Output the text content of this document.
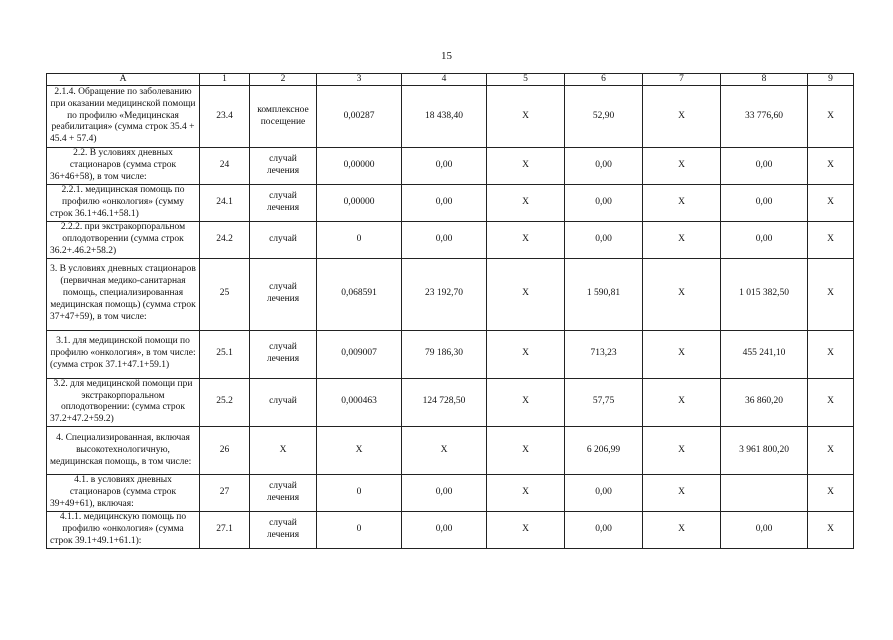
15
А	1	2	3	4	5	6	7	8	9
2.1.4. Обращение по заболеванию при оказании медицинской помощи по профилю «Медицинская реабилитация» (сумма строк 35.4 + 45.4 + 57.4)	23.4	комплексное посещение	0,00287	18 438,40	X	52,90	X	33 776,60	X
2.2. В условиях дневных стационаров (сумма строк 36+46+58), в том числе:	24	случай лечения	0,00000	0,00	X	0,00	X	0,00	X
2.2.1. медицинская помощь по профилю «онкология» (сумму строк 36.1+46.1+58.1)	24.1	случай лечения	0,00000	0,00	X	0,00	X	0,00	X
2.2.2. при экстракорпоральном оплодотворении (сумма строк 36.2+.46.2+58.2)	24.2	случай	0	0,00	X	0,00	X	0,00	X
3. В условиях дневных стационаров (первичная медико-санитарная помощь, специализированная медицинская помощь) (сумма строк 37+47+59), в том числе:	25	случай лечения	0,068591	23 192,70	X	1 590,81	X	1 015 382,50	X
3.1. для медицинской помощи по профилю «онкология», в том числе: (сумма строк 37.1+47.1+59.1)	25.1	случай лечения	0,009007	79 186,30	X	713,23	X	455 241,10	X
3.2. для медицинской помощи при экстракорпоральном оплодотворении: (сумма строк 37.2+47.2+59.2)	25.2	случай	0,000463	124 728,50	X	57,75	X	36 860,20	X
4. Специализированная, включая высокотехнологичную, медицинская помощь, в том числе:	26	X	X	X	X	6 206,99	X	3 961 800,20	X
4.1. в условиях дневных стационаров (сумма строк 39+49+61), включая:	27	случай лечения	0	0,00	X	0,00	X		X
4.1.1. медицинскую помощь по профилю «онкология» (сумма строк 39.1+49.1+61.1):	27.1	случай лечения	0	0,00	X	0,00	X	0,00	X
